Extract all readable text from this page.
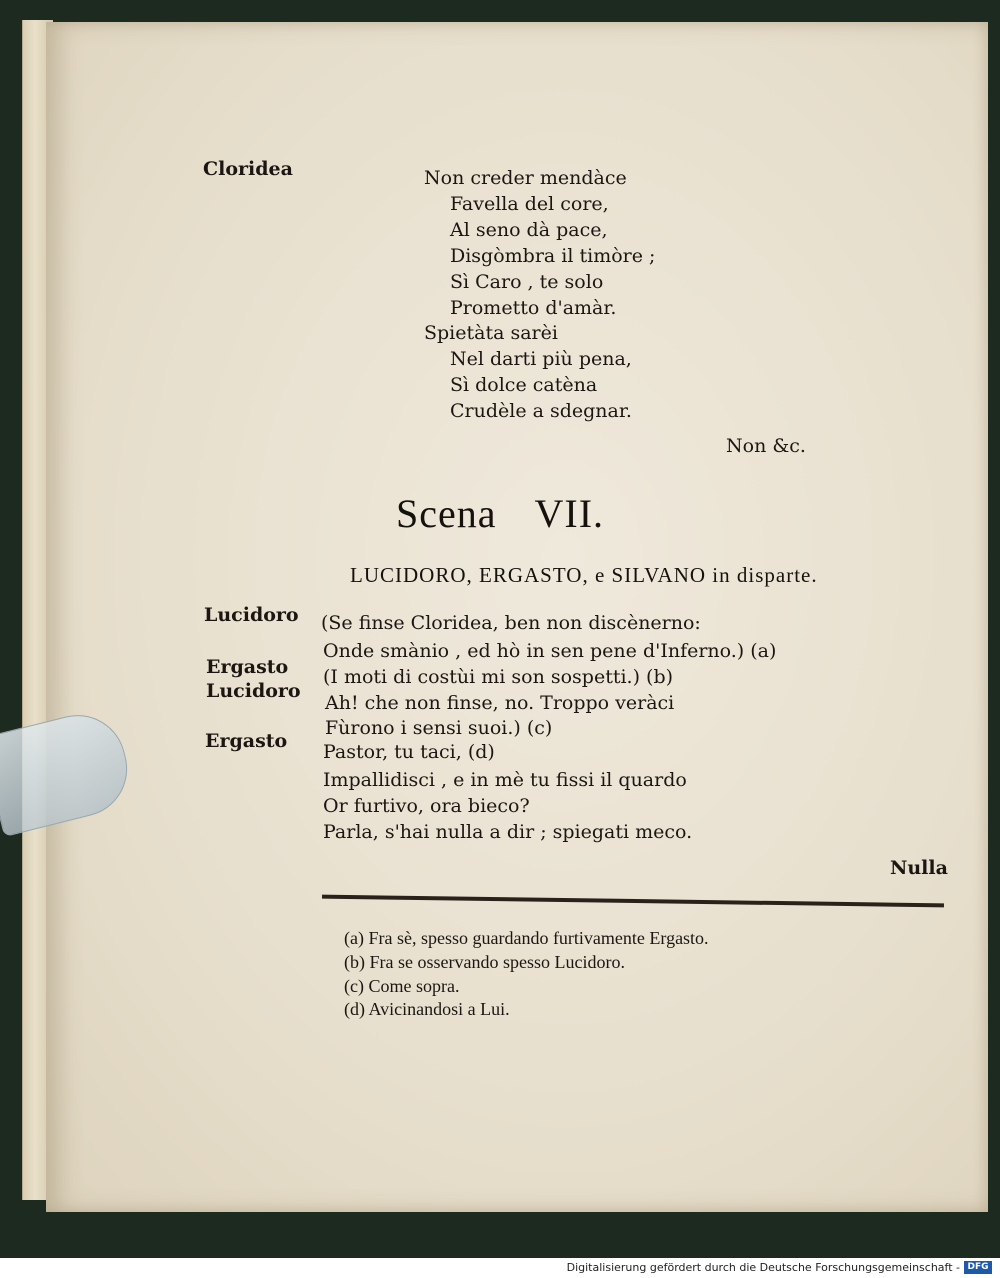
Cloridea	Non creder mendàce
Favella del core,
Al seno dà pace,
Disgòmbra il timòre ;
Sì Caro , te solo
Prometto d'amàr.
Spietàta sarèi
Nel darti più pena,
Sì dolce catèna
Crudèle a sdegnar.
Non &c.
Scena VII.
LUCIDORO, ERGASTO, e SILVANO in disparte.
Lucidoro
Ergasto
Lucidoro
Ergasto
(Se finse Cloridea, ben non discènerno:
Onde smànio , ed hò in sen pene d'Inferno.) (a)
(I moti di costùi mi son sospetti.) (b)
Ah! che non finse, no. Troppo veràci
Fùrono i sensi suoi.) (c)
Pastor, tu taci, (d)
Impallidisci , e in mè tu fissi il quardo
Or furtivo, ora bieco?
Parla, s'hai nulla a dir ; spiegati meco.
Nulla
(a) Fra sè, spesso guardando furtivamente Ergasto.
(b) Fra se osservando spesso Lucidoro.
(c) Come sopra.
(d) Avicinandosi a Lui.
Digitalisierung gefördert durch die Deutsche Forschungsgemeinschaft - DFG
